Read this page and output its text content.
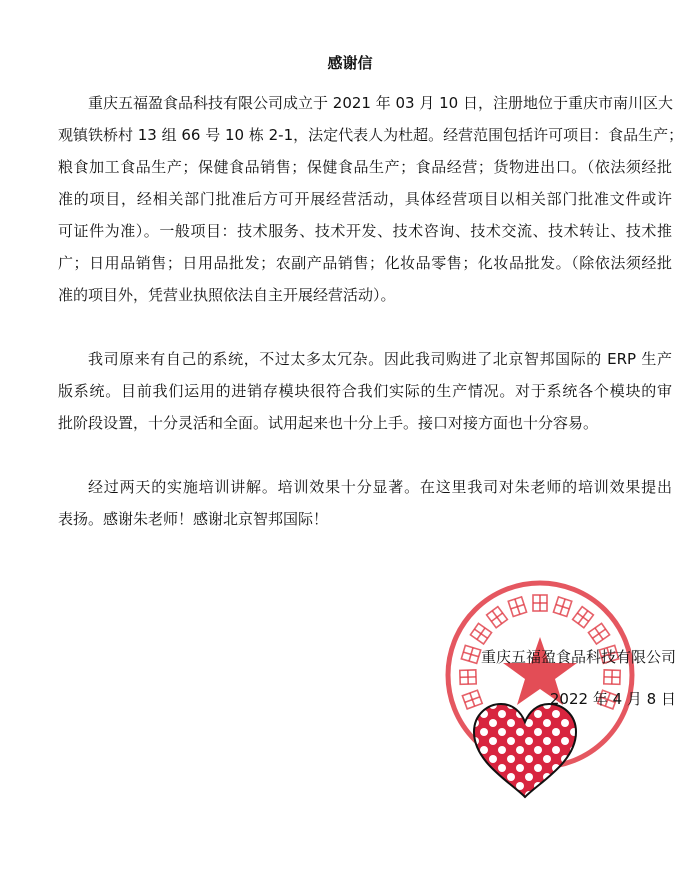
感谢信
重庆五福盈食品科技有限公司成立于 2021 年 03 月 10 日，注册地位于重庆市南川区大
观镇铁桥村 13 组 66 号 10 栋 2-1，法定代表人为杜超。经营范围包括许可项目：食品生产；
粮食加工食品生产；保健食品销售；保健食品生产；食品经营；货物进出口。（依法须经批
准的项目，经相关部门批准后方可开展经营活动，具体经营项目以相关部门批准文件或许
可证件为准）。一般项目：技术服务、技术开发、技术咨询、技术交流、技术转让、技术推
广；日用品销售；日用品批发；农副产品销售；化妆品零售；化妆品批发。（除依法须经批
准的项目外，凭营业执照依法自主开展经营活动）。
我司原来有自己的系统，不过太多太冗杂。因此我司购进了北京智邦国际的 ERP 生产
版系统。目前我们运用的进销存模块很符合我们实际的生产情况。对于系统各个模块的审
批阶段设置，十分灵活和全面。试用起来也十分上手。接口对接方面也十分容易。
经过两天的实施培训讲解。培训效果十分显著。在这里我司对朱老师的培训效果提出
表扬。感谢朱老师！感谢北京智邦国际！
重庆五福盈食品科技有限公司
2022 年 4 月 8 日
